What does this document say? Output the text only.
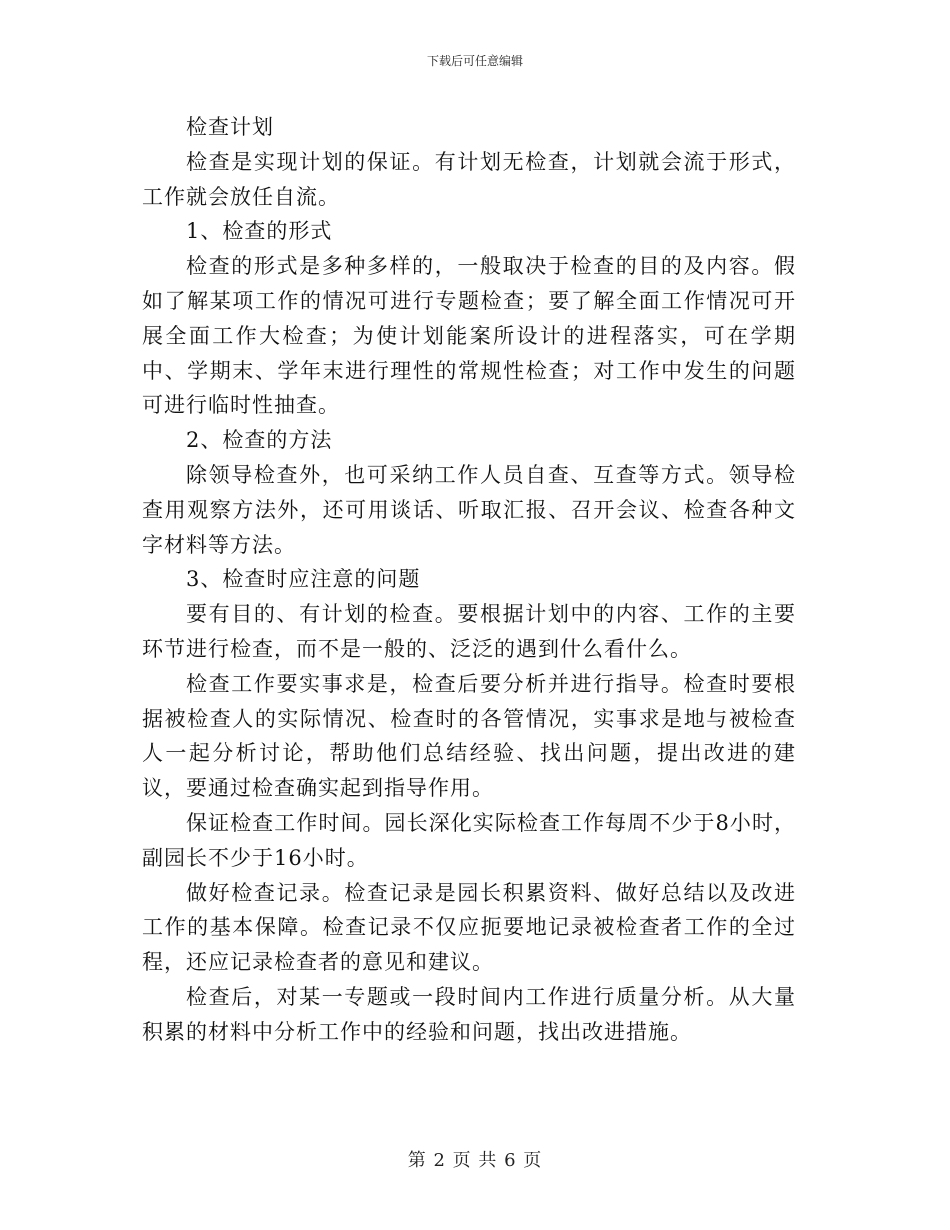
下载后可任意编辑

检查计划

检查是实现计划的保证。有计划无检查，计划就会流于形式，工作就会放任自流。

1、检查的形式

检查的形式是多种多样的，一般取决于检查的目的及内容。假如了解某项工作的情况可进行专题检查；要了解全面工作情况可开展全面工作大检查；为使计划能案所设计的进程落实，可在学期中、学期末、学年末进行理性的常规性检查；对工作中发生的问题可进行临时性抽查。

2、检查的方法

除领导检查外，也可采纳工作人员自查、互查等方式。领导检查用观察方法外，还可用谈话、听取汇报、召开会议、检查各种文字材料等方法。

3、检查时应注意的问题

要有目的、有计划的检查。要根据计划中的内容、工作的主要环节进行检查，而不是一般的、泛泛的遇到什么看什么。

检查工作要实事求是，检查后要分析并进行指导。检查时要根据被检查人的实际情况、检查时的各管情况，实事求是地与被检查人一起分析讨论，帮助他们总结经验、找出问题，提出改进的建议，要通过检查确实起到指导作用。

保证检查工作时间。园长深化实际检查工作每周不少于8小时，副园长不少于16小时。

做好检查记录。检查记录是园长积累资料、做好总结以及改进工作的基本保障。检查记录不仅应扼要地记录被检查者工作的全过程，还应记录检查者的意见和建议。

检查后，对某一专题或一段时间内工作进行质量分析。从大量积累的材料中分析工作中的经验和问题，找出改进措施。

第 2 页 共 6 页
